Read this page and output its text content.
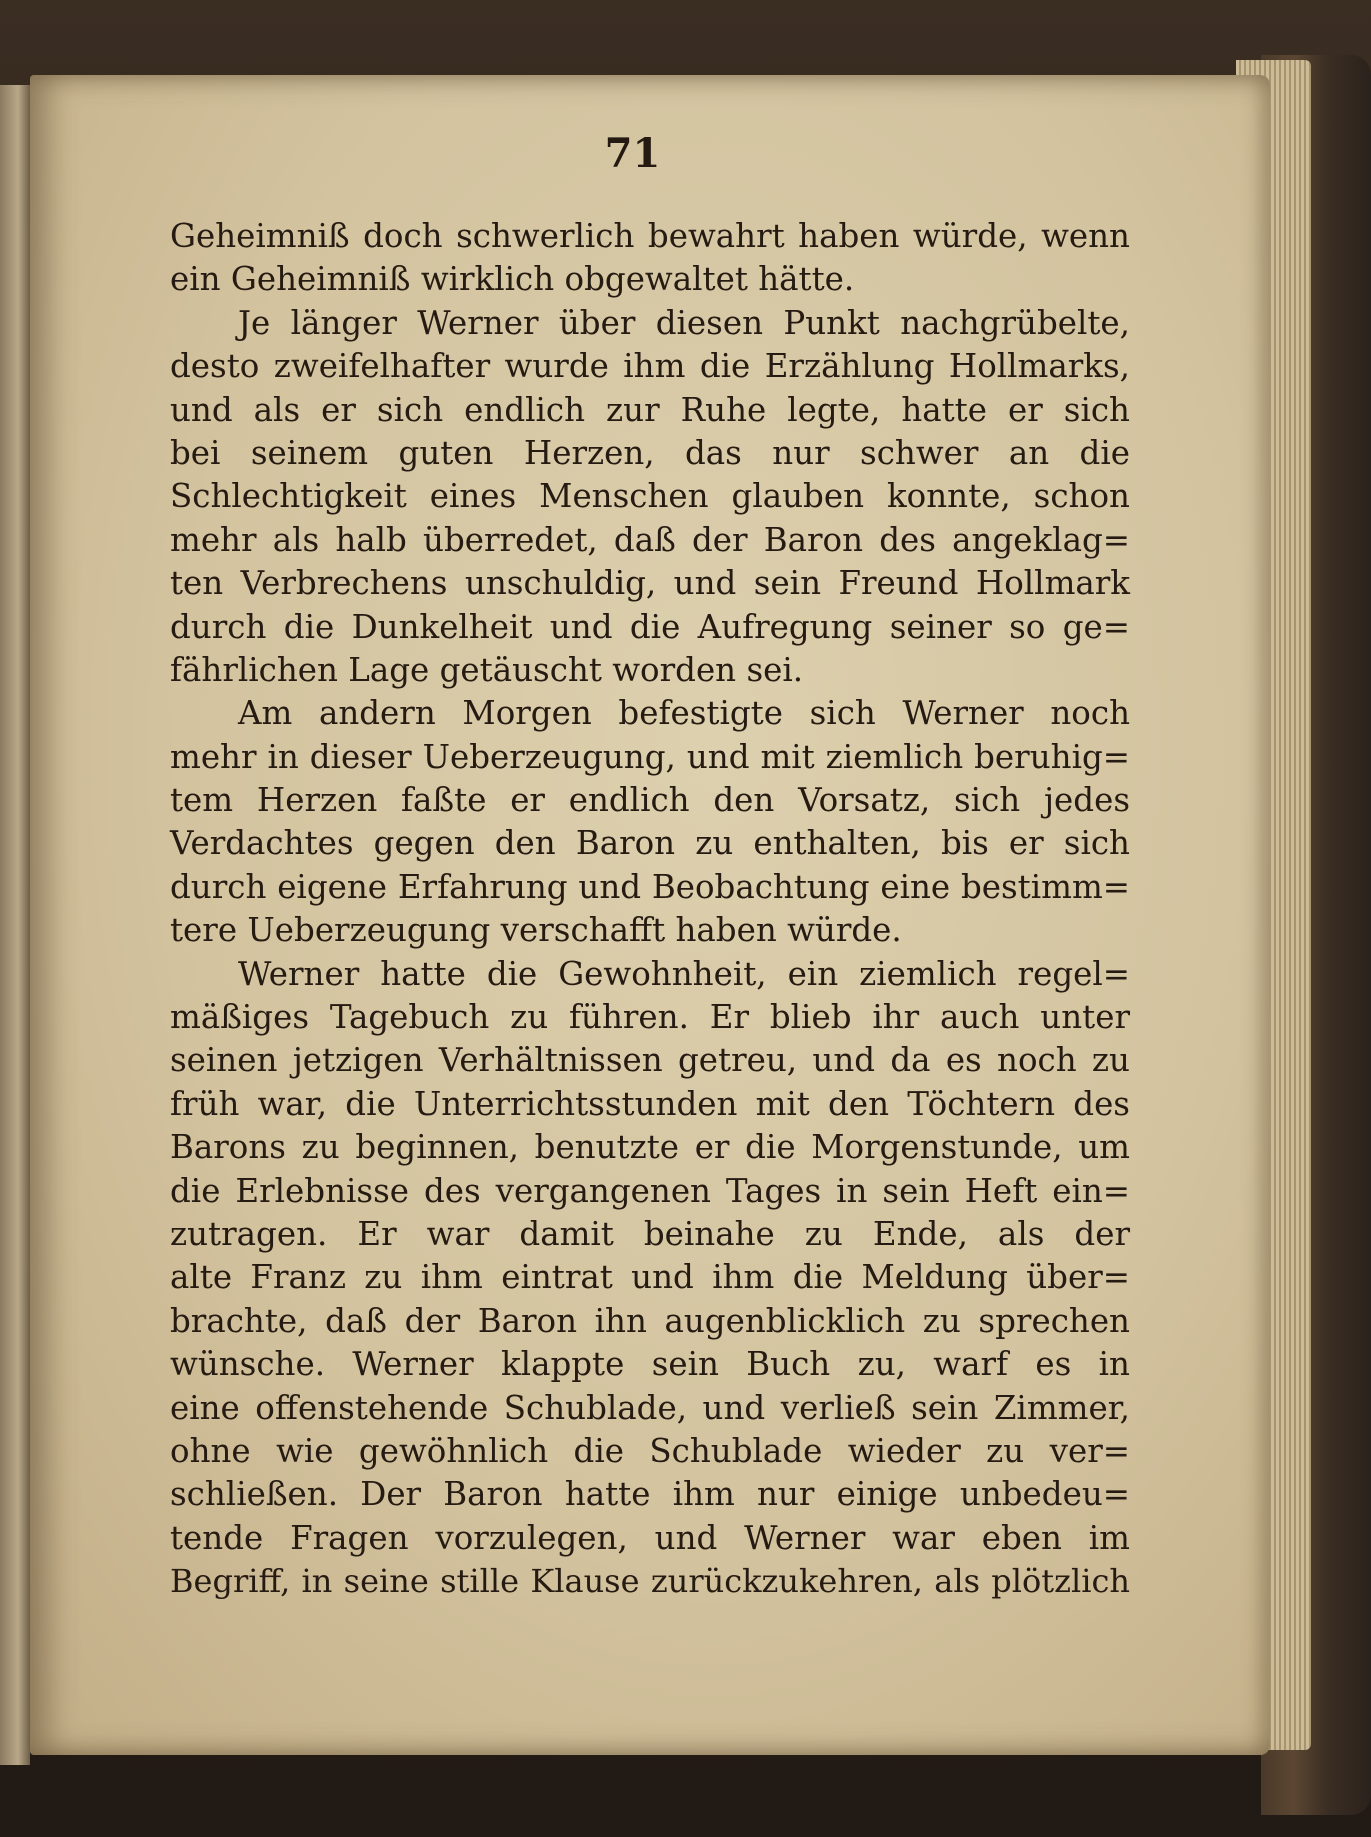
71
Geheimniß doch schwerlich bewahrt haben würde, wenn
ein Geheimniß wirklich obgewaltet hätte.
Je länger Werner über diesen Punkt nachgrübelte,
desto zweifelhafter wurde ihm die Erzählung Hollmarks,
und als er sich endlich zur Ruhe legte, hatte er sich
bei seinem guten Herzen, das nur schwer an die
Schlechtigkeit eines Menschen glauben konnte, schon
mehr als halb überredet, daß der Baron des angeklag=
ten Verbrechens unschuldig, und sein Freund Hollmark
durch die Dunkelheit und die Aufregung seiner so ge=
fährlichen Lage getäuscht worden sei.
Am andern Morgen befestigte sich Werner noch
mehr in dieser Ueberzeugung, und mit ziemlich beruhig=
tem Herzen faßte er endlich den Vorsatz, sich jedes
Verdachtes gegen den Baron zu enthalten, bis er sich
durch eigene Erfahrung und Beobachtung eine bestimm=
tere Ueberzeugung verschafft haben würde.
Werner hatte die Gewohnheit, ein ziemlich regel=
mäßiges Tagebuch zu führen. Er blieb ihr auch unter
seinen jetzigen Verhältnissen getreu, und da es noch zu
früh war, die Unterrichtsstunden mit den Töchtern des
Barons zu beginnen, benutzte er die Morgenstunde, um
die Erlebnisse des vergangenen Tages in sein Heft ein=
zutragen. Er war damit beinahe zu Ende, als der
alte Franz zu ihm eintrat und ihm die Meldung über=
brachte, daß der Baron ihn augenblicklich zu sprechen
wünsche. Werner klappte sein Buch zu, warf es in
eine offenstehende Schublade, und verließ sein Zimmer,
ohne wie gewöhnlich die Schublade wieder zu ver=
schließen. Der Baron hatte ihm nur einige unbedeu=
tende Fragen vorzulegen, und Werner war eben im
Begriff, in seine stille Klause zurückzukehren, als plötzlich
